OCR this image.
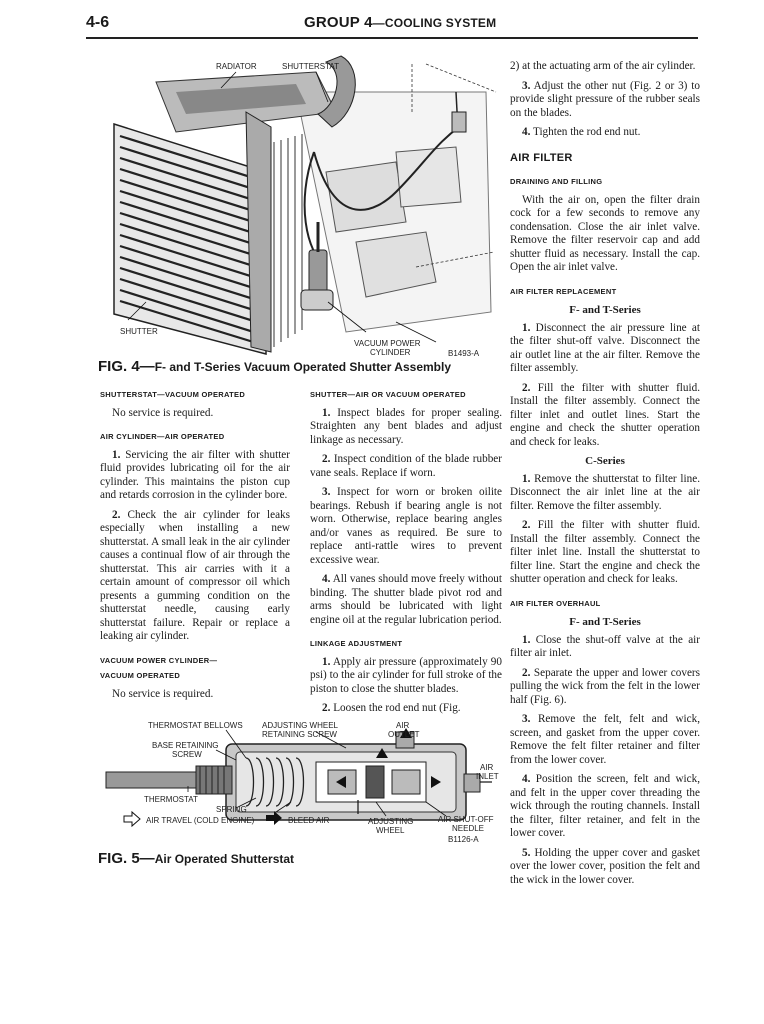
4-6	GROUP 4—COOLING SYSTEM
RADIATOR	SHUTTERSTAT
SHUTTER
VACUUM POWER
CYLINDER	B1493-A
FIG. 4—F- and T-Series Vacuum Operated Shutter Assembly
SHUTTERSTAT—VACUUM OPERATED

No service is required.

AIR CYLINDER—AIR OPERATED

1. Servicing the air filter with shutter fluid provides lubricating oil for the air cylinder. This maintains the piston cup and retards corrosion in the cylinder bore.

2. Check the air cylinder for leaks especially when installing a new shutterstat. A small leak in the air cylinder causes a continual flow of air through the shutterstat. This air carries with it a certain amount of compressor oil which presents a gumming condition on the shutterstat needle, causing early shutterstat failure. Repair or replace a leaking air cylinder.

VACUUM POWER CYLINDER—
VACUUM OPERATED

No service is required.

SHUTTER—AIR OR VACUUM OPERATED

1. Inspect blades for proper sealing. Straighten any bent blades and adjust linkage as necessary.

2. Inspect condition of the blade rubber vane seals. Replace if worn.

3. Inspect for worn or broken oilite bearings. Rebush if bearing angle is not worn. Otherwise, replace bearing angles and/or vanes as required. Be sure to replace anti-rattle wires to prevent excessive wear.

4. All vanes should move freely without binding. The shutter blade pivot rod and arms should be lubricated with light engine oil at the regular lubrication period.

LINKAGE ADJUSTMENT

1. Apply air pressure (approximately 90 psi) to the air cylinder for full stroke of the piston to close the shutter blades.

2. Loosen the rod end nut (Fig.

THERMOSTAT BELLOWS
BASE RETAINING
SCREW
ADJUSTING WHEEL
RETAINING SCREW
AIR
OUTLET
AIR
INLET
THERMOSTAT
SPRING
AIR TRAVEL (COLD ENGINE)	BLEED AIR	ADJUSTING
WHEEL
AIR SHUT-OFF
NEEDLE
B1126-A
FIG. 5—Air Operated Shutterstat

2) at the actuating arm of the air cylinder.

3. Adjust the other nut (Fig. 2 or 3) to provide slight pressure of the rubber seals on the blades.

4. Tighten the rod end nut.

AIR FILTER
DRAINING AND FILLING

With the air on, open the filter drain cock for a few seconds to remove any condensation. Close the air inlet valve. Remove the filter reservoir cap and add shutter fluid as necessary. Install the cap. Open the air inlet valve.

AIR FILTER REPLACEMENT
F- and T-Series

1. Disconnect the air pressure line at the filter shut-off valve. Disconnect the air outlet line at the air filter. Remove the filter assembly.

2. Fill the filter with shutter fluid. Install the filter assembly. Connect the filter inlet and outlet lines. Start the engine and check the shutter operation and check for leaks.

C-Series

1. Remove the shutterstat to filter line. Disconnect the air inlet line at the air filter. Remove the filter assembly.

2. Fill the filter with shutter fluid. Install the filter assembly. Connect the filter inlet line. Install the shutterstat to filter line. Start the engine and check the shutter operation and check for leaks.

AIR FILTER OVERHAUL
F- and T-Series

1. Close the shut-off valve at the air filter air inlet.

2. Separate the upper and lower covers pulling the wick from the felt in the lower half (Fig. 6).

3. Remove the felt, felt and wick, screen, and gasket from the upper cover. Remove the felt filter retainer and filter from the lower cover.

4. Position the screen, felt and wick, and felt in the upper cover threading the wick through the routing channels. Install the filter, filter retainer, and felt in the lower cover.

5. Holding the upper cover and gasket over the lower cover, position the felt and the wick in the lower cover.
